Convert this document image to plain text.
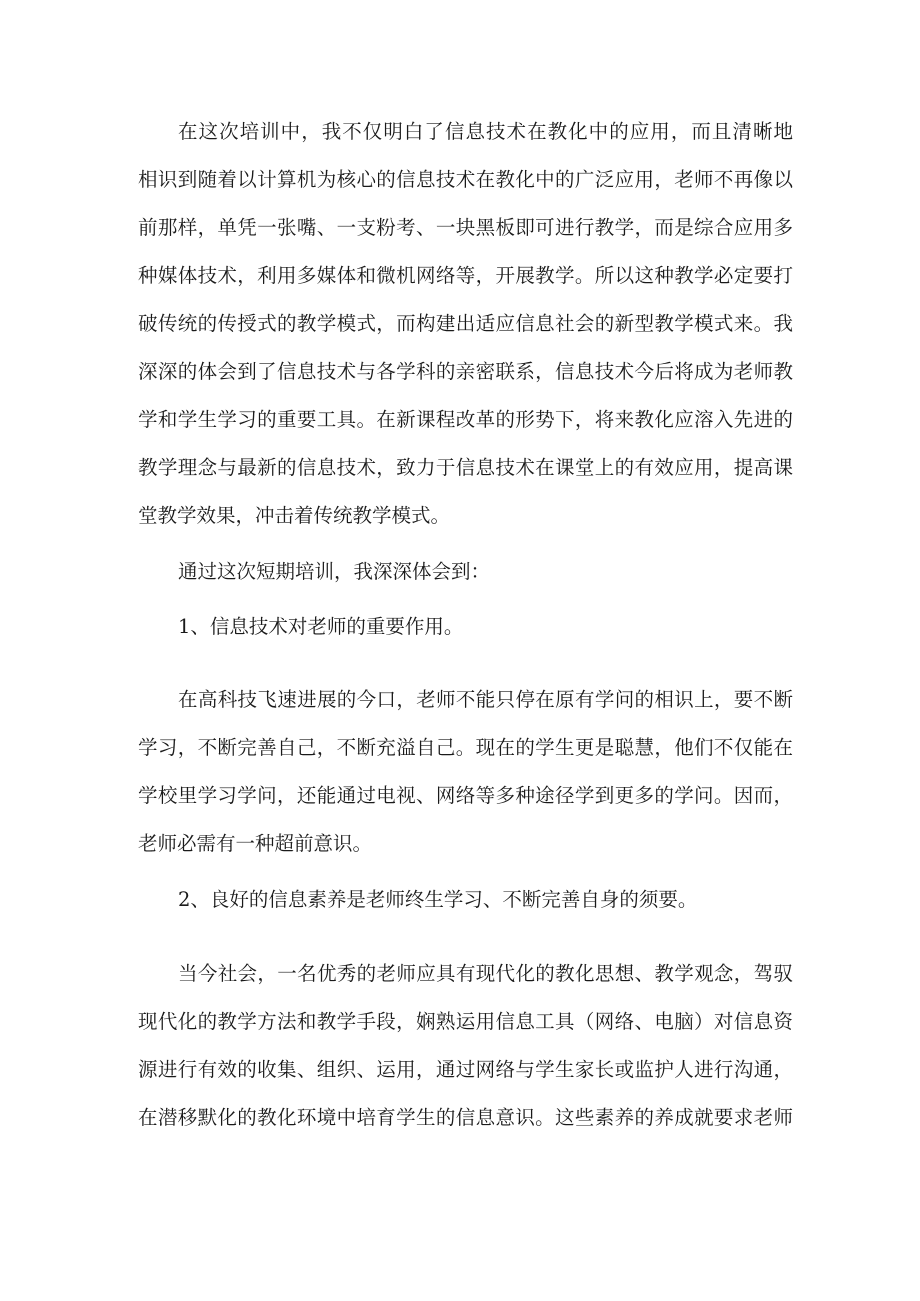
在这次培训中，我不仅明白了信息技术在教化中的应用，而且清晰地
相识到随着以计算机为核心的信息技术在教化中的广泛应用，老师不再像以
前那样，单凭一张嘴、一支粉考、一块黑板即可进行教学，而是综合应用多
种媒体技术，利用多媒体和微机网络等，开展教学。所以这种教学必定要打
破传统的传授式的教学模式，而构建出适应信息社会的新型教学模式来。我
深深的体会到了信息技术与各学科的亲密联系，信息技术今后将成为老师教
学和学生学习的重要工具。在新课程改革的形势下，将来教化应溶入先进的
教学理念与最新的信息技术，致力于信息技术在课堂上的有效应用，提高课
堂教学效果，冲击着传统教学模式。
通过这次短期培训，我深深体会到：
1、信息技术对老师的重要作用。
在高科技飞速进展的今口，老师不能只停在原有学问的相识上，要不断
学习，不断完善自己，不断充溢自己。现在的学生更是聪慧，他们不仅能在
学校里学习学问，还能通过电视、网络等多种途径学到更多的学问。因而，
老师必需有一种超前意识。
2、良好的信息素养是老师终生学习、不断完善自身的须要。
当今社会，一名优秀的老师应具有现代化的教化思想、教学观念，驾驭
现代化的教学方法和教学手段，娴熟运用信息工具（网络、电脑）对信息资
源进行有效的收集、组织、运用，通过网络与学生家长或监护人进行沟通，
在潜移默化的教化环境中培育学生的信息意识。这些素养的养成就要求老师
